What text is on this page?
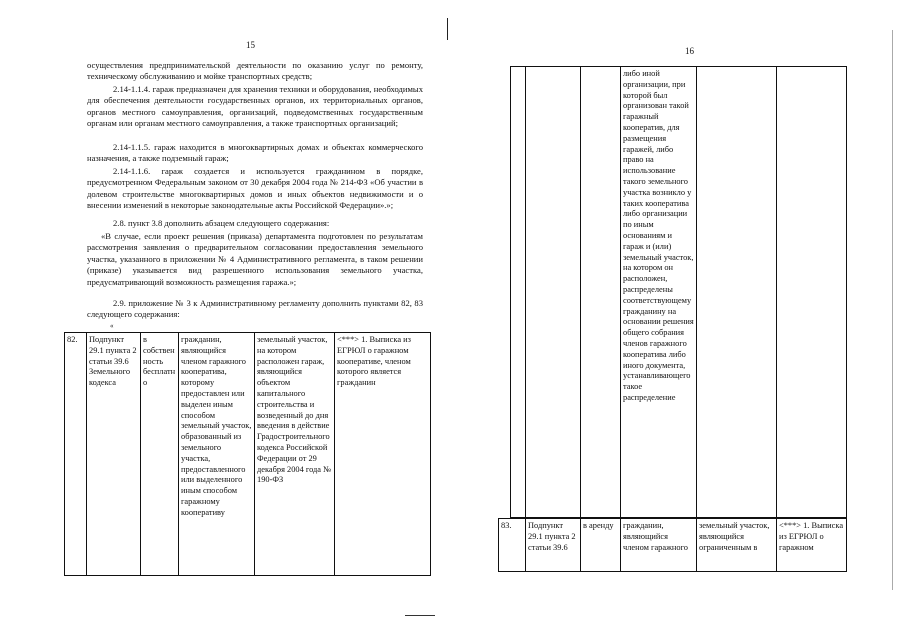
15

осуществления предпринимательской деятельности по оказанию услуг по ремонту, техническому обслуживанию и мойке транспортных средств;

2.14-1.1.4. гараж предназначен для хранения техники и оборудования, необходимых для обеспечения деятельности государственных органов, их территориальных органов, органов местного самоуправления, организаций, подведомственных государственным органам или органам местного самоуправления, а также транспортных организаций;

2.14-1.1.5. гараж находится в многоквартирных домах и объектах коммерческого назначения, а также подземный гараж;

2.14-1.1.6. гараж создается и используется гражданином в порядке, предусмотренном Федеральным законом от 30 декабря 2004 года № 214-ФЗ «Об участии в долевом строительстве многоквартирных домов и иных объектов недвижимости и о внесении изменений в некоторые законодательные акты Российской Федерации».»;

2.8. пункт 3.8 дополнить абзацем следующего содержания:

«В случае, если проект решения (приказа) департамента подготовлен по результатам рассмотрения заявления о предварительном согласовании предоставления земельного участка, указанного в приложении № 4 Административного регламента, в таком решении (приказе) указывается вид разрешенного использования земельного участка, предусматривающий возможность размещения гаража.»;

2.9. приложение № 3 к Административному регламенту дополнить пунктами 82, 83 следующего содержания:

«

82.	Подпункт 29.1 пункта 2 статьи 39.6 Земельного кодекса	в собственность бесплатно	гражданин, являющийся членом гаражного кооператива, которому предоставлен или выделен иным способом земельный участок, образованный из земельного участка, предоставленного или выделенного иным способом гаражному кооперативу	земельный участок, на котором расположен гараж, являющийся объектом капитального строительства и возведенный до дня введения в действие Градостроительного кодекса Российской Федерации от 29 декабря 2004 года № 190-ФЗ	<***> 1. Выписка из ЕГРЮЛ о гаражном кооперативе, членом которого является гражданин
16
			либо иной организации, при которой был организован такой гаражный кооператив, для размещения гаражей, либо право на использование такого земельного участка возникло у таких кооператива либо организации по иным основаниям и гараж и (или) земельный участок, на котором он расположен, распределены соответствующему гражданину на основании решения общего собрания членов гаражного кооператива либо иного документа, устанавливающего такое распределение		
83.	Подпункт 29.1 пункта 2 статьи 39.6	в аренду	гражданин, являющийся членом гаражного	земельный участок, являющийся ограниченным в	<***> 1. Выписка из ЕГРЮЛ о гаражном
